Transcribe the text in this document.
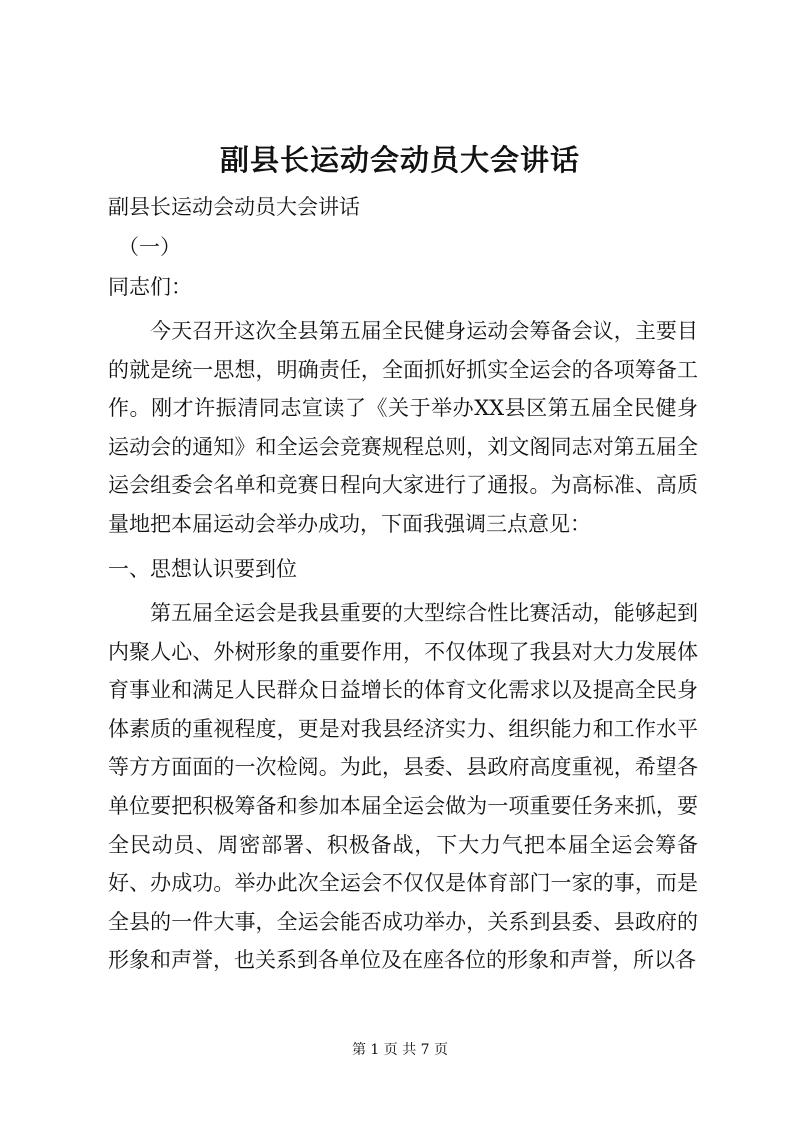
副县长运动会动员大会讲话
副县长运动会动员大会讲话
（一）
同志们：
今天召开这次全县第五届全民健身运动会筹备会议，主要目的就是统一思想，明确责任，全面抓好抓实全运会的各项筹备工作。刚才许振清同志宣读了《关于举办XX县区第五届全民健身运动会的通知》和全运会竞赛规程总则，刘文阁同志对第五届全运会组委会名单和竞赛日程向大家进行了通报。为高标准、高质量地把本届运动会举办成功，下面我强调三点意见：
一、思想认识要到位
第五届全运会是我县重要的大型综合性比赛活动，能够起到内聚人心、外树形象的重要作用，不仅体现了我县对大力发展体育事业和满足人民群众日益增长的体育文化需求以及提高全民身体素质的重视程度，更是对我县经济实力、组织能力和工作水平等方方面面的一次检阅。为此，县委、县政府高度重视，希望各单位要把积极筹备和参加本届全运会做为一项重要任务来抓，要全民动员、周密部署、积极备战，下大力气把本届全运会筹备好、办成功。举办此次全运会不仅仅是体育部门一家的事，而是全县的一件大事，全运会能否成功举办，关系到县委、县政府的形象和声誉，也关系到各单位及在座各位的形象和声誉，所以各
第 1 页 共 7 页
